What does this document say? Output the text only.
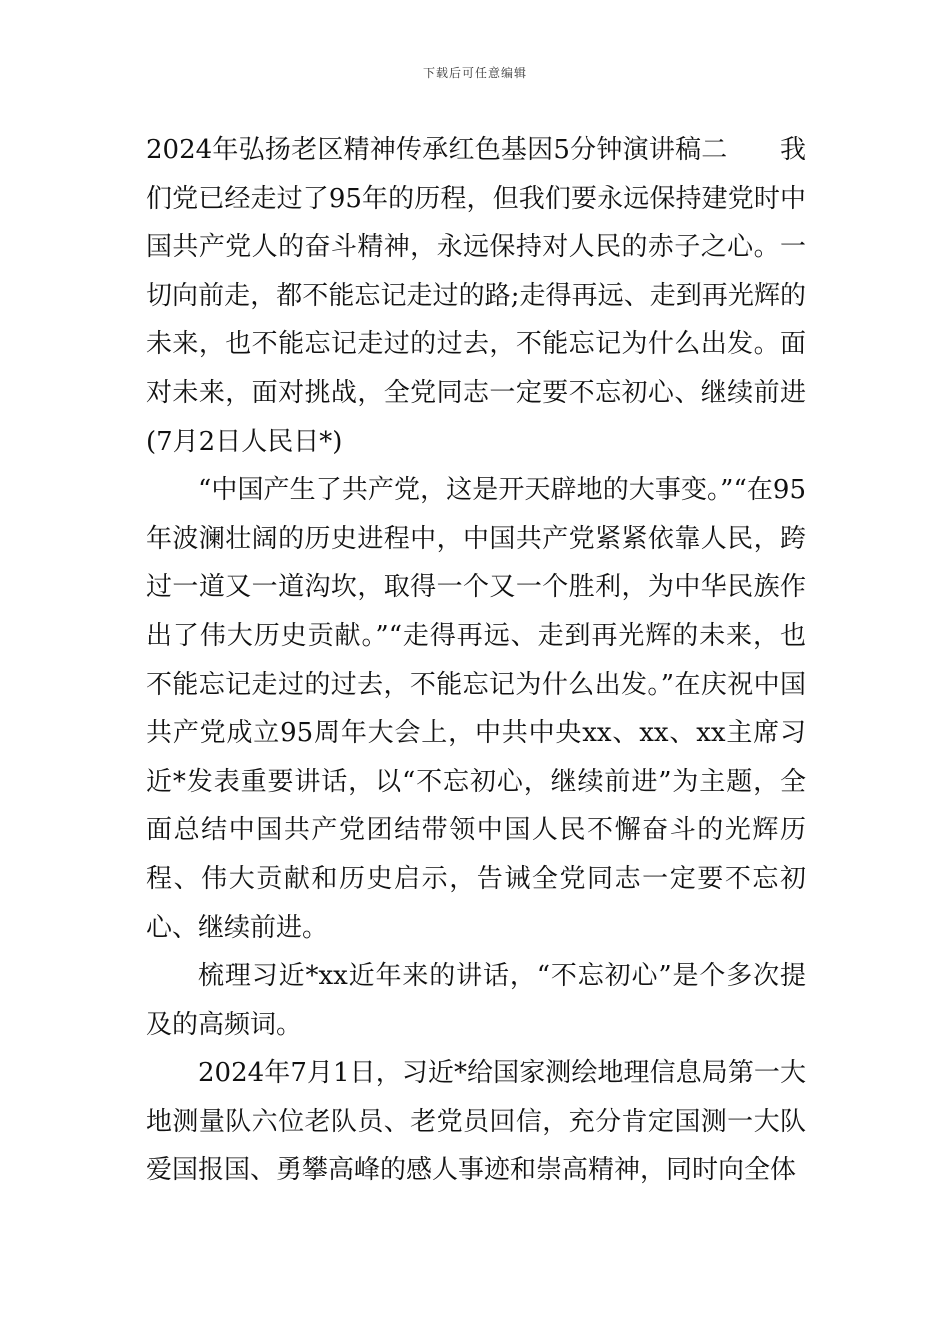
下载后可任意编辑

2024年弘扬老区精神传承红色基因5分钟演讲稿二　　我们党已经走过了95年的历程，但我们要永远保持建党时中国共产党人的奋斗精神，永远保持对人民的赤子之心。一切向前走，都不能忘记走过的路;走得再远、走到再光辉的未来，也不能忘记走过的过去，不能忘记为什么出发。面对未来，面对挑战，全党同志一定要不忘初心、继续前进(7月2日人民日*)

“中国产生了共产党，这是开天辟地的大事变。”“在95年波澜壮阔的历史进程中，中国共产党紧紧依靠人民，跨过一道又一道沟坎，取得一个又一个胜利，为中华民族作出了伟大历史贡献。”“走得再远、走到再光辉的未来，也不能忘记走过的过去，不能忘记为什么出发。”在庆祝中国共产党成立95周年大会上，中共中央xx、xx、xx主席习近*发表重要讲话，以“不忘初心，继续前进”为主题，全面总结中国共产党团结带领中国人民不懈奋斗的光辉历程、伟大贡献和历史启示，告诫全党同志一定要不忘初心、继续前进。

梳理习近*xx近年来的讲话，“不忘初心”是个多次提及的高频词。

2024年7月1日，习近*给国家测绘地理信息局第一大地测量队六位老队员、老党员回信，充分肯定国测一大队爱国报国、勇攀高峰的感人事迹和崇高精神，同时向全体
